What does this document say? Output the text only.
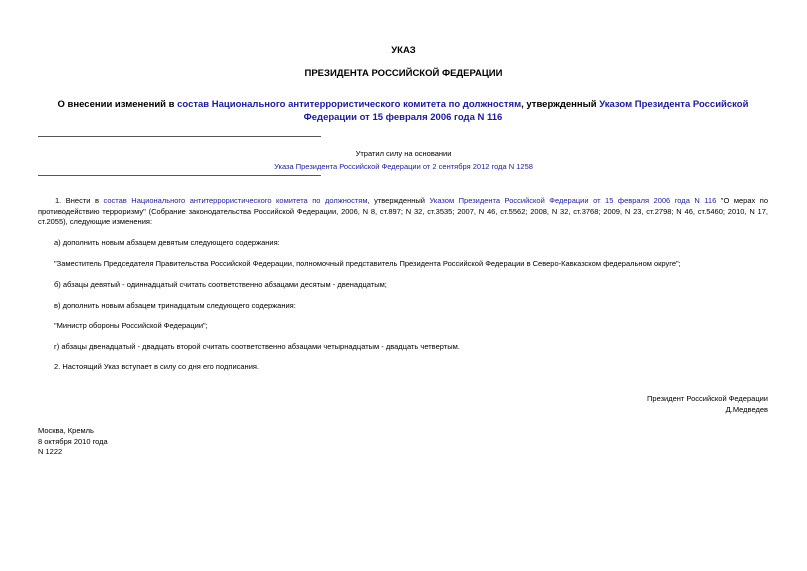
УКАЗ
ПРЕЗИДЕНТА РОССИЙСКОЙ ФЕДЕРАЦИИ
О внесении изменений в состав Национального антитеррористического комитета по должностям, утвержденный Указом Президента Российской Федерации от 15 февраля 2006 года N 116
Утратил силу на основании
Указа Президента Российской Федерации от 2 сентября 2012 года N 1258
1. Внести в состав Национального антитеррористического комитета по должностям, утвержденный Указом Президента Российской Федерации от 15 февраля 2006 года N 116 "О мерах по противодействию терроризму" (Собрание законодательства Российской Федерации, 2006, N 8, ст.897; N 32, ст.3535; 2007, N 46, ст.5562; 2008, N 32, ст.3768; 2009, N 23, ст.2798; N 46, ст.5460; 2010, N 17, ст.2055), следующие изменения:
а) дополнить новым абзацем девятым следующего содержания:
"Заместитель Председателя Правительства Российской Федерации, полномочный представитель Президента Российской Федерации в Северо-Кавказском федеральном округе";
б) абзацы девятый - одиннадцатый считать соответственно абзацами десятым - двенадцатым;
в) дополнить новым абзацем тринадцатым следующего содержания:
"Министр обороны Российской Федерации";
г) абзацы двенадцатый - двадцать второй считать соответственно абзацами четырнадцатым - двадцать четвертым.
2. Настоящий Указ вступает в силу со дня его подписания.
Президент Российской Федерации
Д.Медведев
Москва, Кремль
8 октября 2010 года
N 1222
